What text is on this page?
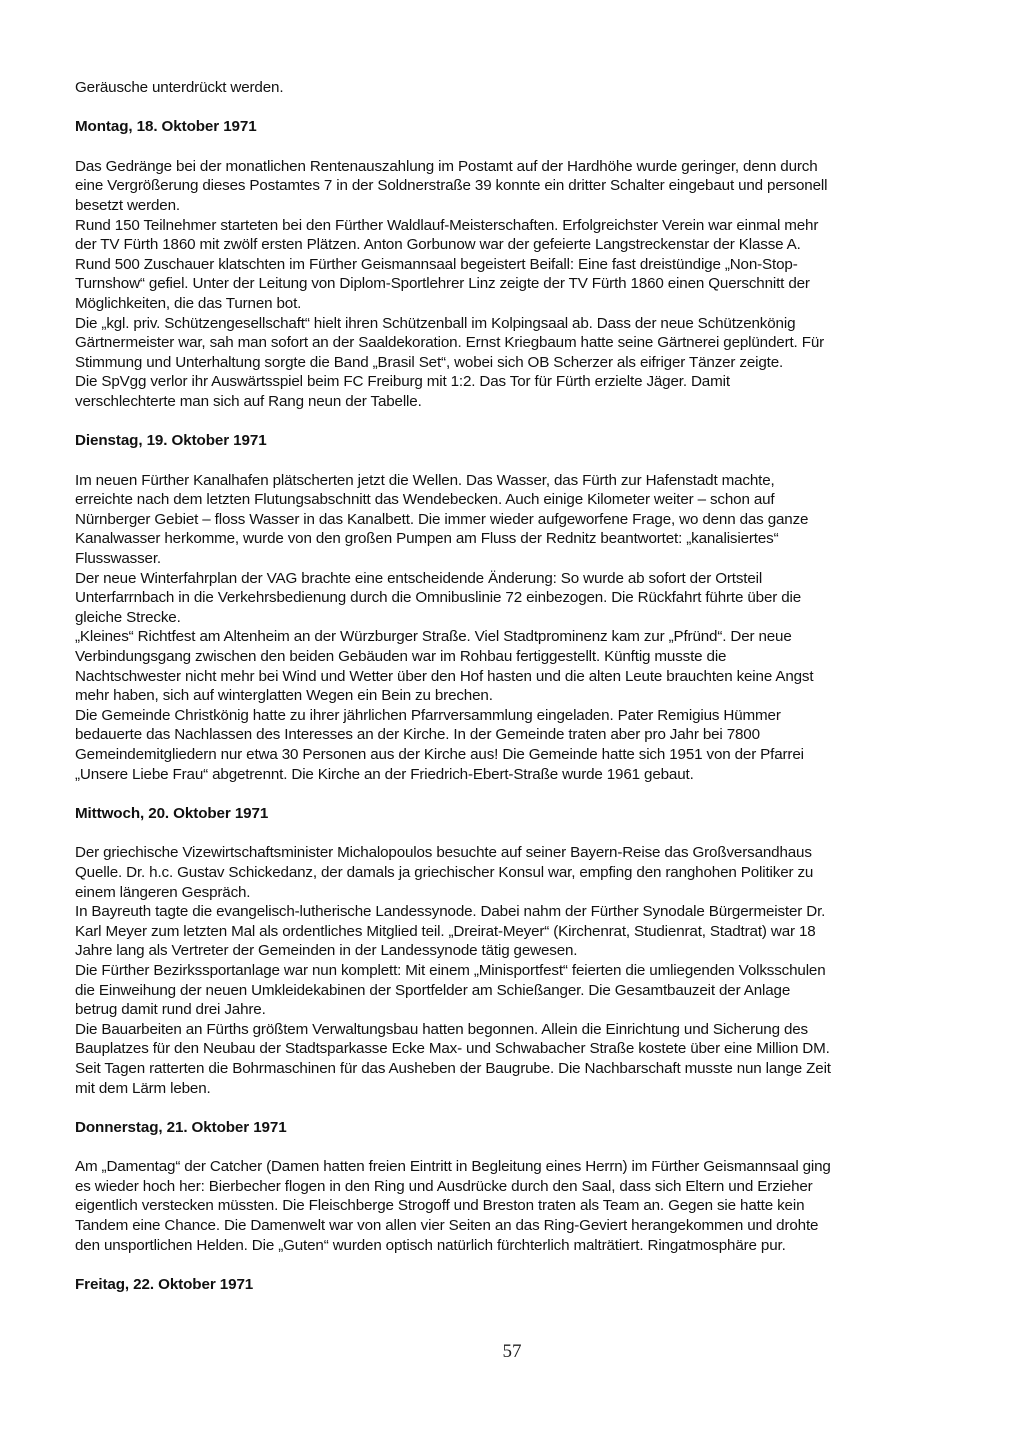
Geräusche unterdrückt werden.
Montag, 18. Oktober 1971
Das Gedränge bei der monatlichen Rentenauszahlung im Postamt auf der Hardhöhe wurde geringer, denn durch
eine Vergrößerung dieses Postamtes 7 in der Soldnerstraße 39 konnte ein dritter Schalter eingebaut und personell
besetzt werden.
Rund 150 Teilnehmer starteten bei den Fürther Waldlauf-Meisterschaften. Erfolgreichster Verein war einmal mehr
der TV Fürth 1860 mit zwölf ersten Plätzen. Anton Gorbunow war der gefeierte Langstreckenstar der Klasse A.
Rund 500 Zuschauer klatschten im Fürther Geismannsaal begeistert Beifall: Eine fast dreistündige „Non-Stop-
Turnshow“ gefiel. Unter der Leitung von Diplom-Sportlehrer Linz zeigte der TV Fürth 1860 einen Querschnitt der
Möglichkeiten, die das Turnen bot.
Die „kgl. priv. Schützengesellschaft“ hielt ihren Schützenball im Kolpingsaal ab. Dass der neue Schützenkönig
Gärtnermeister war, sah man sofort an der Saaldekoration. Ernst Kriegbaum hatte seine Gärtnerei geplündert. Für
Stimmung und Unterhaltung sorgte die Band „Brasil Set“, wobei sich OB Scherzer als eifriger Tänzer zeigte.
Die SpVgg verlor ihr Auswärtsspiel beim FC Freiburg mit 1:2. Das Tor für Fürth erzielte Jäger. Damit
verschlechterte man sich auf Rang neun der Tabelle.
Dienstag, 19. Oktober 1971
Im neuen Fürther Kanalhafen plätscherten jetzt die Wellen. Das Wasser, das Fürth zur Hafenstadt machte,
erreichte nach dem letzten Flutungsabschnitt das Wendebecken. Auch einige Kilometer weiter – schon auf
Nürnberger Gebiet – floss Wasser in das Kanalbett. Die immer wieder aufgeworfene Frage, wo denn das ganze
Kanalwasser herkomme, wurde von den großen Pumpen am Fluss der Rednitz beantwortet: „kanalisiertes“
Flusswasser.
Der neue Winterfahrplan der VAG brachte eine entscheidende Änderung: So wurde ab sofort der Ortsteil
Unterfarrnbach in die Verkehrsbedienung durch die Omnibuslinie 72 einbezogen. Die Rückfahrt führte über die
gleiche Strecke.
„Kleines“ Richtfest am Altenheim an der Würzburger Straße. Viel Stadtprominenz kam zur „Pfründ“. Der neue
Verbindungsgang zwischen den beiden Gebäuden war im Rohbau fertiggestellt. Künftig musste die
Nachtschwester nicht mehr bei Wind und Wetter über den Hof hasten und die alten Leute brauchten keine Angst
mehr haben, sich auf winterglatten Wegen ein Bein zu brechen.
Die Gemeinde Christkönig hatte zu ihrer jährlichen Pfarrversammlung eingeladen. Pater Remigius Hümmer
bedauerte das Nachlassen des Interesses an der Kirche. In der Gemeinde traten aber pro Jahr bei 7800
Gemeindemitgliedern nur etwa 30 Personen aus der Kirche aus! Die Gemeinde hatte sich 1951 von der Pfarrei
„Unsere Liebe Frau“ abgetrennt. Die Kirche an der Friedrich-Ebert-Straße wurde 1961 gebaut.
Mittwoch, 20. Oktober 1971
Der griechische Vizewirtschaftsminister Michalopoulos besuchte auf seiner Bayern-Reise das Großversandhaus
Quelle. Dr. h.c. Gustav Schickedanz, der damals ja griechischer Konsul war, empfing den ranghohen Politiker zu
einem längeren Gespräch.
In Bayreuth tagte die evangelisch-lutherische Landessynode. Dabei nahm der Fürther Synodale Bürgermeister Dr.
Karl Meyer zum letzten Mal als ordentliches Mitglied teil. „Dreirat-Meyer“ (Kirchenrat, Studienrat, Stadtrat) war 18
Jahre lang als Vertreter der Gemeinden in der Landessynode tätig gewesen.
Die Fürther Bezirkssportanlage war nun komplett: Mit einem „Minisportfest“ feierten die umliegenden Volksschulen
die Einweihung der neuen Umkleidekabinen der Sportfelder am Schießanger. Die Gesamtbauzeit der Anlage
betrug damit rund drei Jahre.
Die Bauarbeiten an Fürths größtem Verwaltungsbau hatten begonnen. Allein die Einrichtung und Sicherung des
Bauplatzes für den Neubau der Stadtsparkasse Ecke Max- und Schwabacher Straße kostete über eine Million DM.
Seit Tagen ratterten die Bohrmaschinen für das Ausheben der Baugrube. Die Nachbarschaft musste nun lange Zeit
mit dem Lärm leben.
Donnerstag, 21. Oktober 1971
Am „Damentag“ der Catcher (Damen hatten freien Eintritt in Begleitung eines Herrn) im Fürther Geismannsaal ging
es wieder hoch her: Bierbecher flogen in den Ring und Ausdrücke durch den Saal, dass sich Eltern und Erzieher
eigentlich verstecken müssten. Die Fleischberge Strogoff und Breston traten als Team an. Gegen sie hatte kein
Tandem eine Chance. Die Damenwelt war von allen vier Seiten an das Ring-Geviert herangekommen und drohte
den unsportlichen Helden. Die „Guten“ wurden optisch natürlich fürchterlich malträtiert. Ringatmosphäre pur.
Freitag, 22. Oktober 1971
57
